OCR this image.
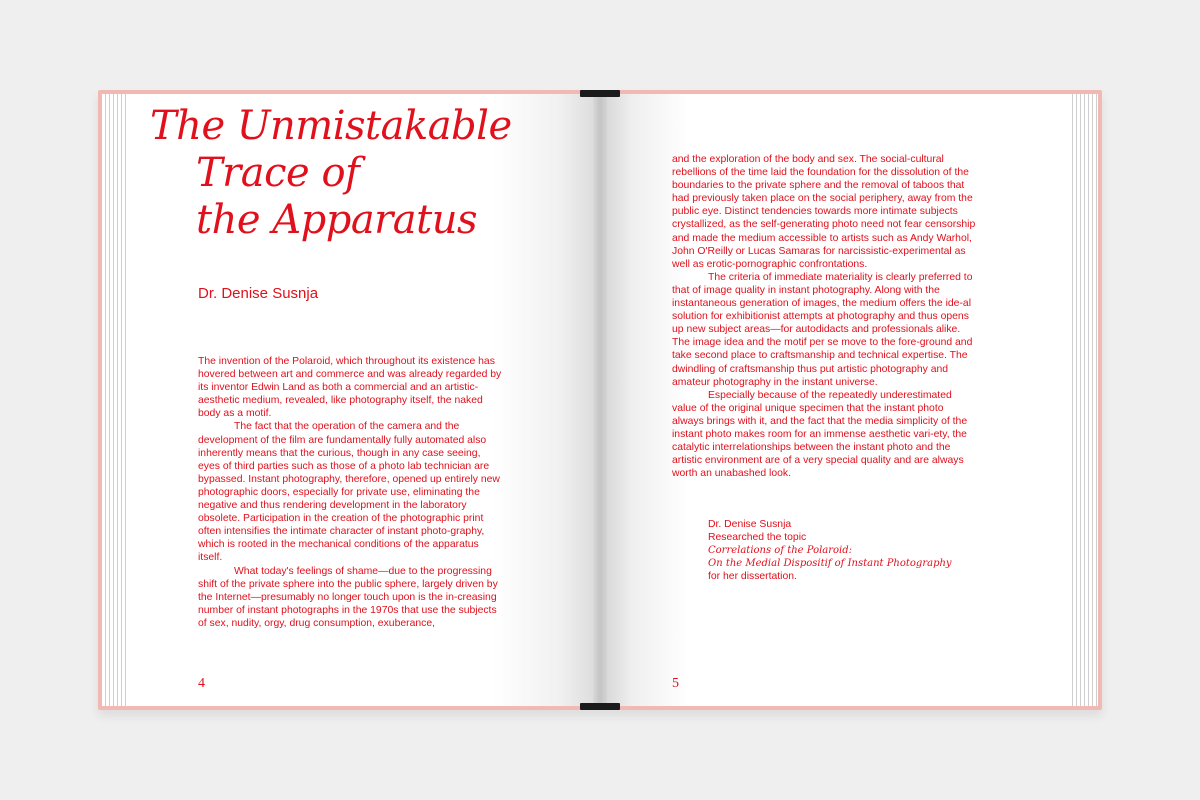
The Unmistakable
Trace of
the Apparatus
Dr. Denise Susnja

The invention of the Polaroid, which throughout its existence has hovered between art and commerce and was already regarded by its inventor Edwin Land as both a commercial and an artistic-aesthetic medium, revealed, like photography itself, the naked body as a motif.

The fact that the operation of the camera and the development of the film are fundamentally fully automated also inherently means that the curious, though in any case seeing, eyes of third parties such as those of a photo lab technician are bypassed. Instant photography, therefore, opened up entirely new photographic doors, especially for private use, eliminating the negative and thus rendering development in the laboratory obsolete. Participation in the creation of the photographic print often intensifies the intimate character of instant photo-graphy, which is rooted in the mechanical conditions of the apparatus itself.

What today's feelings of shame—due to the progressing shift of the private sphere into the public sphere, largely driven by the Internet—presumably no longer touch upon is the in-creasing number of instant photographs in the 1970s that use the subjects of sex, nudity, orgy, drug consumption, exuberance,

and the exploration of the body and sex. The social-cultural rebellions of the time laid the foundation for the dissolution of the boundaries to the private sphere and the removal of taboos that had previously taken place on the social periphery, away from the public eye. Distinct tendencies towards more intimate subjects crystallized, as the self-generating photo need not fear censorship and made the medium accessible to artists such as Andy Warhol, John O'Reilly or Lucas Samaras for narcissistic-experimental as well as erotic-pornographic confrontations.

The criteria of immediate materiality is clearly preferred to that of image quality in instant photography. Along with the instantaneous generation of images, the medium offers the ide-al solution for exhibitionist attempts at photography and thus opens up new subject areas—for autodidacts and professionals alike. The image idea and the motif per se move to the fore-ground and take second place to craftsmanship and technical expertise. The dwindling of craftsmanship thus put artistic photography and amateur photography in the instant universe.

Especially because of the repeatedly underestimated value of the original unique specimen that the instant photo always brings with it, and the fact that the media simplicity of the instant photo makes room for an immense aesthetic vari-ety, the catalytic interrelationships between the instant photo and the artistic environment are of a very special quality and are always worth an unabashed look.

Dr. Denise Susnja
Researched the topic
Correlations of the Polaroid:
On the Medial Dispositif of Instant Photography
for her dissertation.
4	5
